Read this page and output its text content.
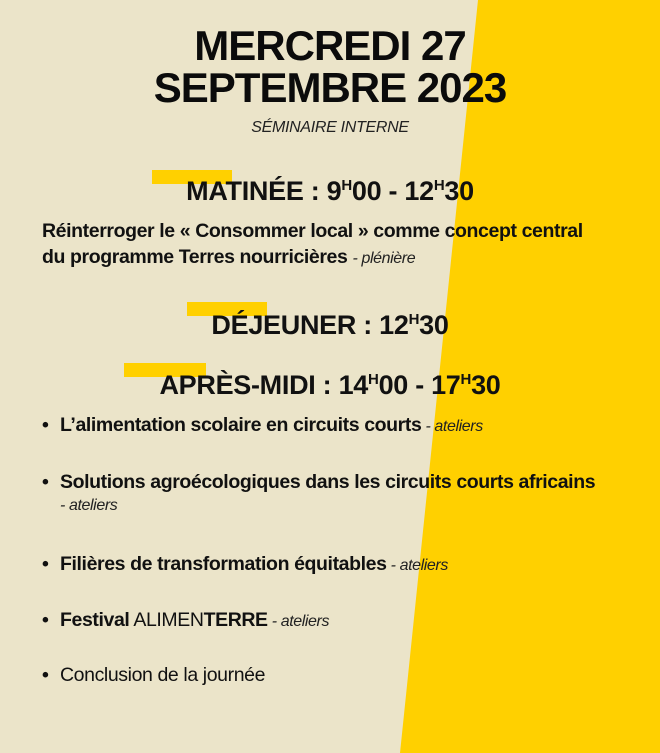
MERCREDI 27
SEPTEMBRE 2023
SÉMINAIRE INTERNE
MATINÉE : $9^H00 - 12^H30$
Réinterroger le « Consommer local » comme concept central
du programme Terres nourricières - plénière
DÉJEUNER : $12^H30$
APRÈS-MIDI : $14^H00 - 17^H30$
• L’alimentation scolaire en circuits courts - ateliers
• Solutions agroécologiques dans les circuits courts africains
- ateliers
• Filières de transformation équitables - ateliers
• Festival ALIMENTERRE - ateliers
• Conclusion de la journée
